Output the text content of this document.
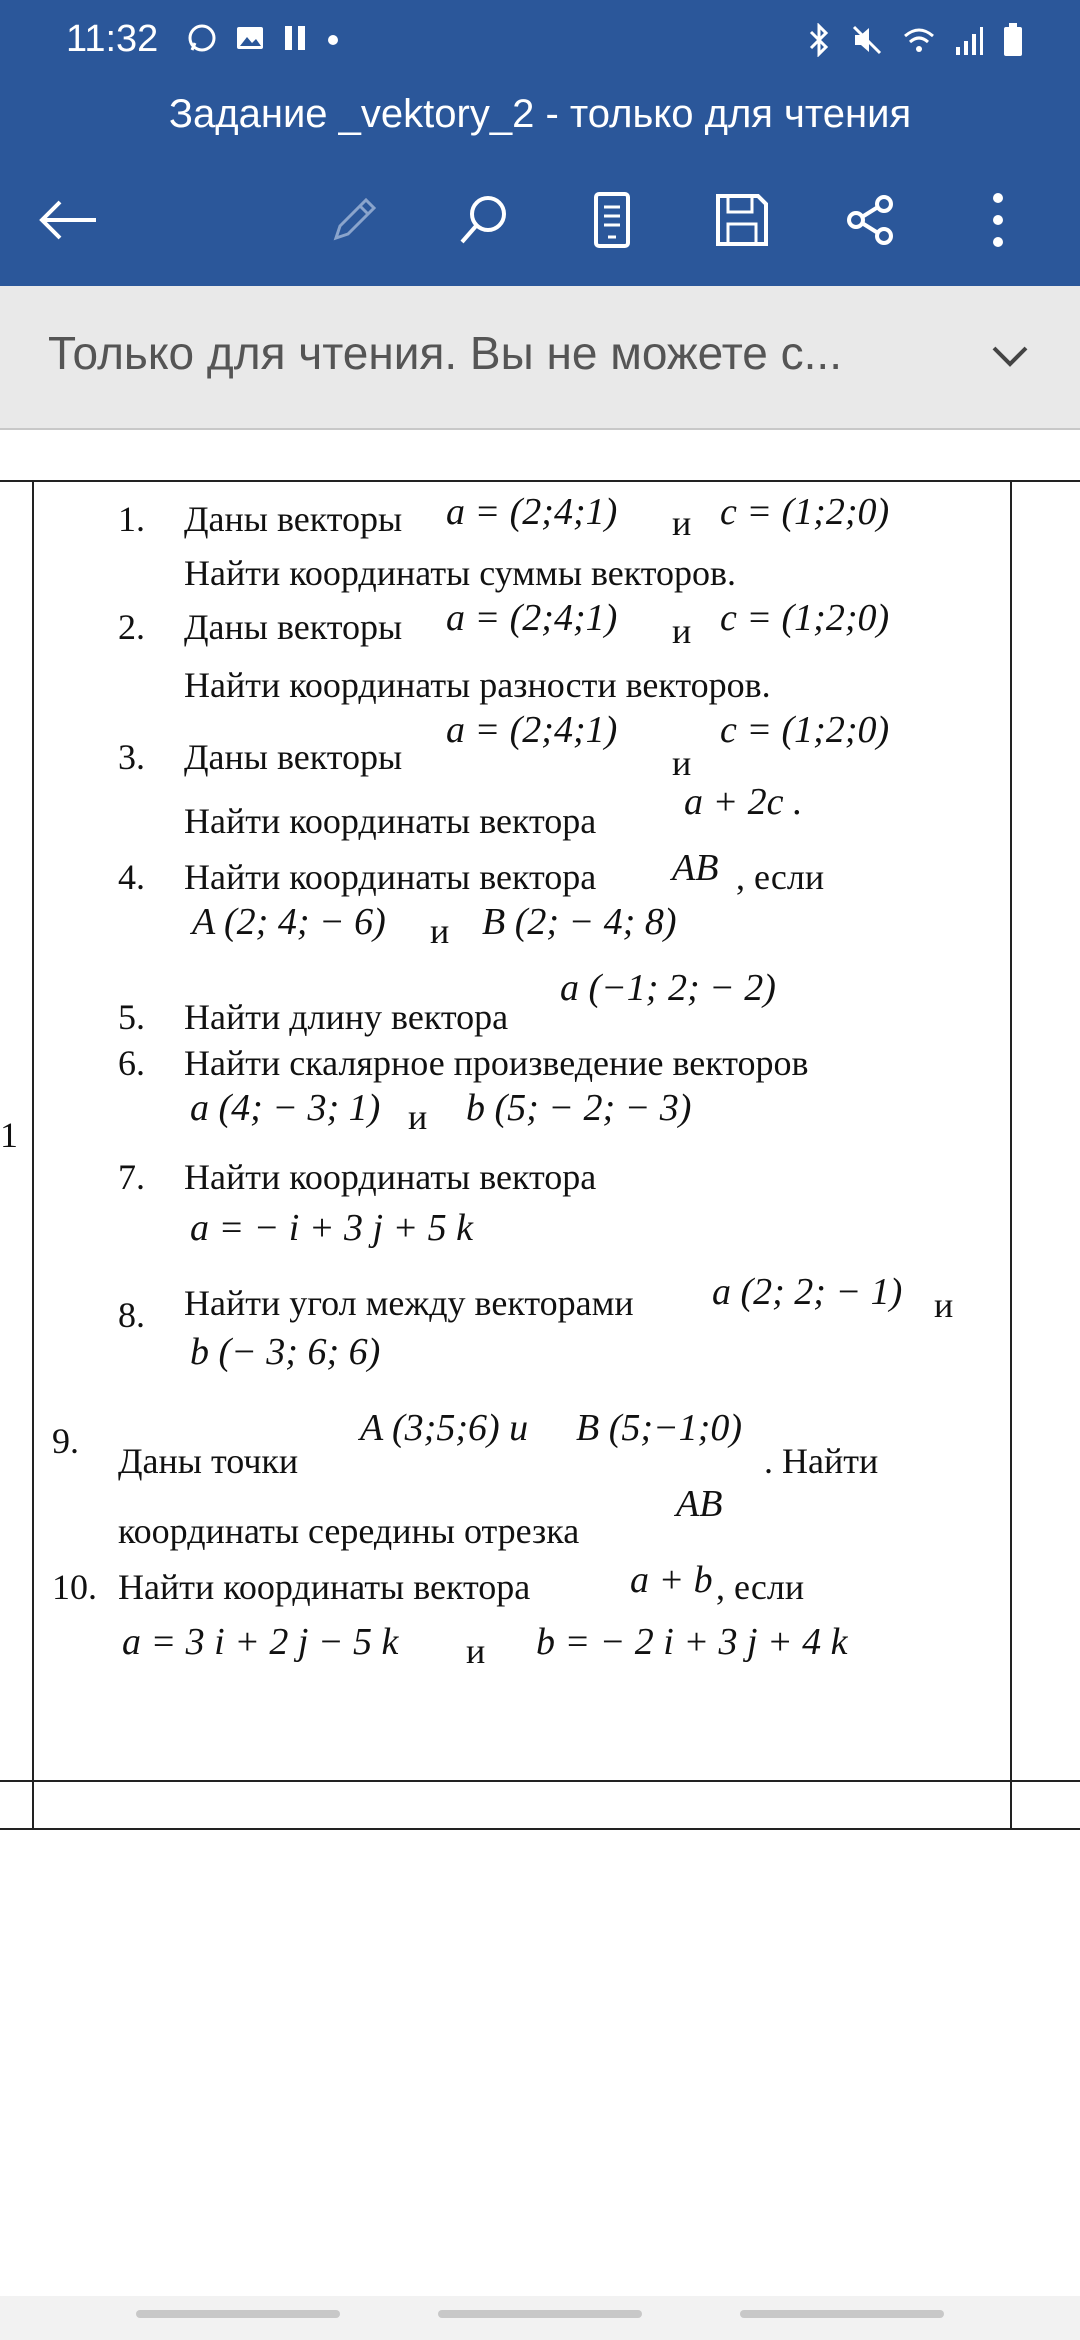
11:32
Задание _vektory_2 - только для чтения
Только для чтения. Вы не можете с...
1
1. Даны векторы a = (2;4;1) и c = (1;2;0)
Найти координаты суммы векторов.
2. Даны векторы a = (2;4;1) и c = (1;2;0)
Найти координаты разности векторов.
3. Даны векторы
a = (2;4;1)
и
c = (1;2;0)
Найти координаты вектора a + 2c .
4. Найти координаты вектора AB , если
A (2; 4; − 6) и B (2; − 4; 8)
5. Найти длину вектора
a (−1; 2; − 2)
6. Найти скалярное произведение векторов
a (4; − 3; 1) и b (5; − 2; − 3)
7. Найти координаты вектора
a = − i + 3 j + 5 k
8. Найти угол между векторами a (2; 2; − 1) и
b (− 3; 6; 6)
9. Даны точки
A (3;5;6) и B (5;−1;0)
. Найти
координаты середины отрезка
AB
10. Найти координаты вектора	a + b , если
a = 3 i + 2 j − 5 k и b = − 2 i + 3 j + 4 k
